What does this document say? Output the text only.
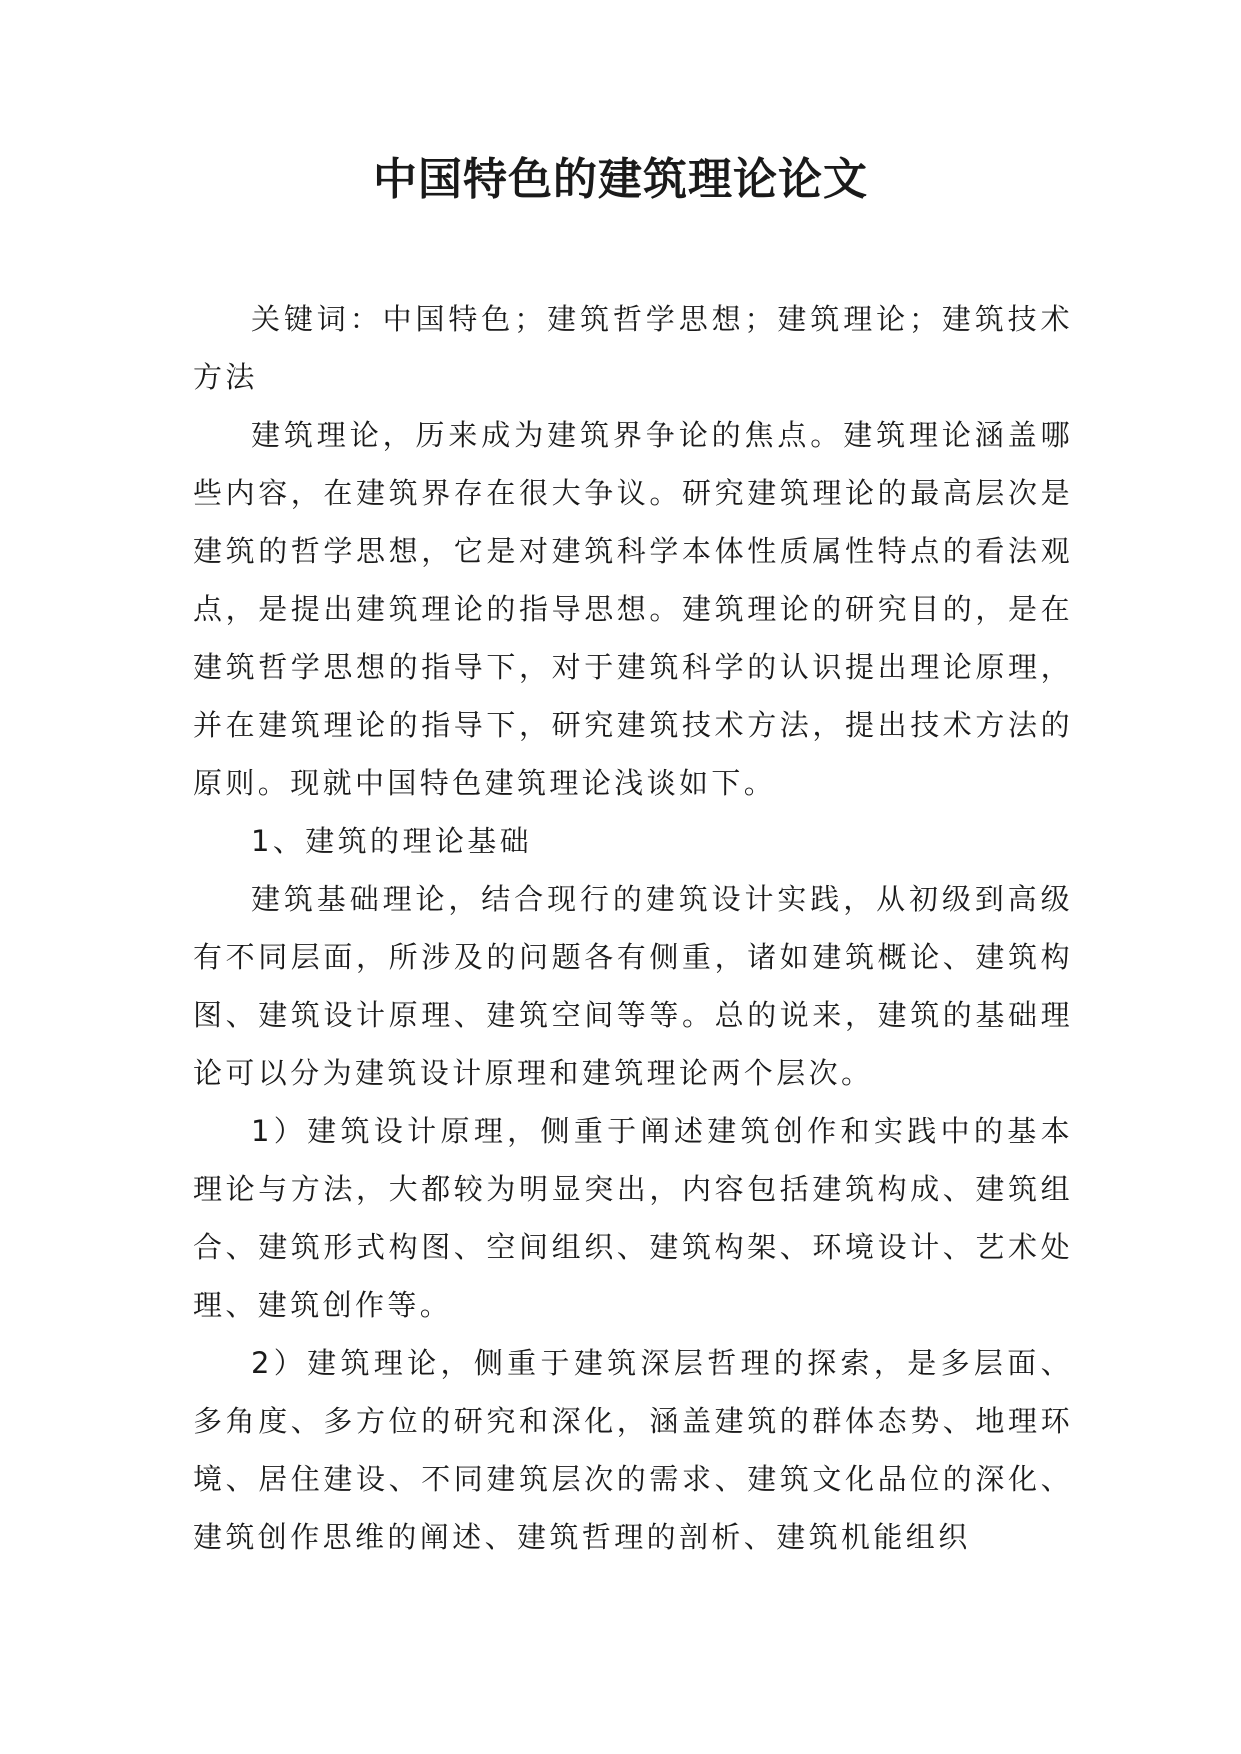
中国特色的建筑理论论文

关键词：中国特色；建筑哲学思想；建筑理论；建筑技术方法

建筑理论，历来成为建筑界争论的焦点。建筑理论涵盖哪些内容，在建筑界存在很大争议。研究建筑理论的最高层次是建筑的哲学思想，它是对建筑科学本体性质属性特点的看法观点，是提出建筑理论的指导思想。建筑理论的研究目的，是在建筑哲学思想的指导下，对于建筑科学的认识提出理论原理，并在建筑理论的指导下，研究建筑技术方法，提出技术方法的原则。现就中国特色建筑理论浅谈如下。

1、建筑的理论基础

建筑基础理论，结合现行的建筑设计实践，从初级到高级有不同层面，所涉及的问题各有侧重，诸如建筑概论、建筑构图、建筑设计原理、建筑空间等等。总的说来，建筑的基础理论可以分为建筑设计原理和建筑理论两个层次。

1）建筑设计原理，侧重于阐述建筑创作和实践中的基本理论与方法，大都较为明显突出，内容包括建筑构成、建筑组合、建筑形式构图、空间组织、建筑构架、环境设计、艺术处理、建筑创作等。

2）建筑理论，侧重于建筑深层哲理的探索，是多层面、多角度、多方位的研究和深化，涵盖建筑的群体态势、地理环境、居住建设、不同建筑层次的需求、建筑文化品位的深化、建筑创作思维的阐述、建筑哲理的剖析、建筑机能组织
